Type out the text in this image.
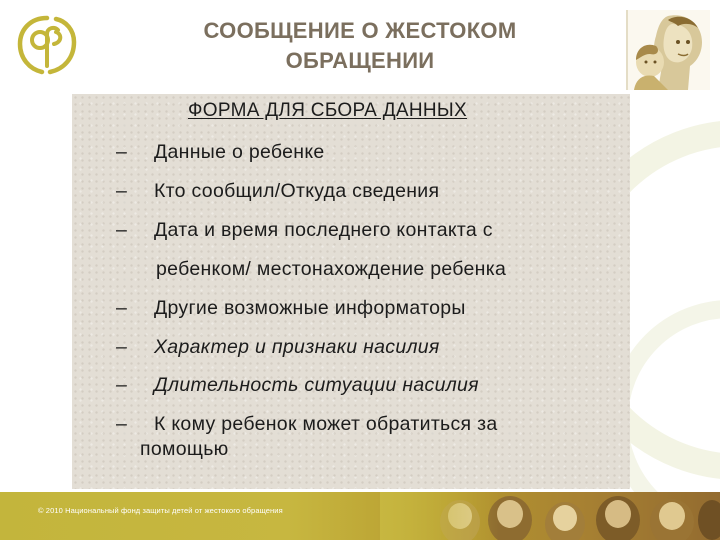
СООБЩЕНИЕ О ЖЕСТОКОМ
ОБРАЩЕНИИ
ФОРМА ДЛЯ СБОРА ДАННЫХ
– Данные о ребенке
– Кто сообщил/Откуда сведения
– Дата и время последнего контакта с
ребенком/ местонахождение ребенка
– Другие возможные информаторы
– Характер и признаки насилия
– Длительность ситуации насилия
– К кому ребенок может обратиться за
помощью
© 2010 Национальный фонд защиты детей от жестокого обращения
